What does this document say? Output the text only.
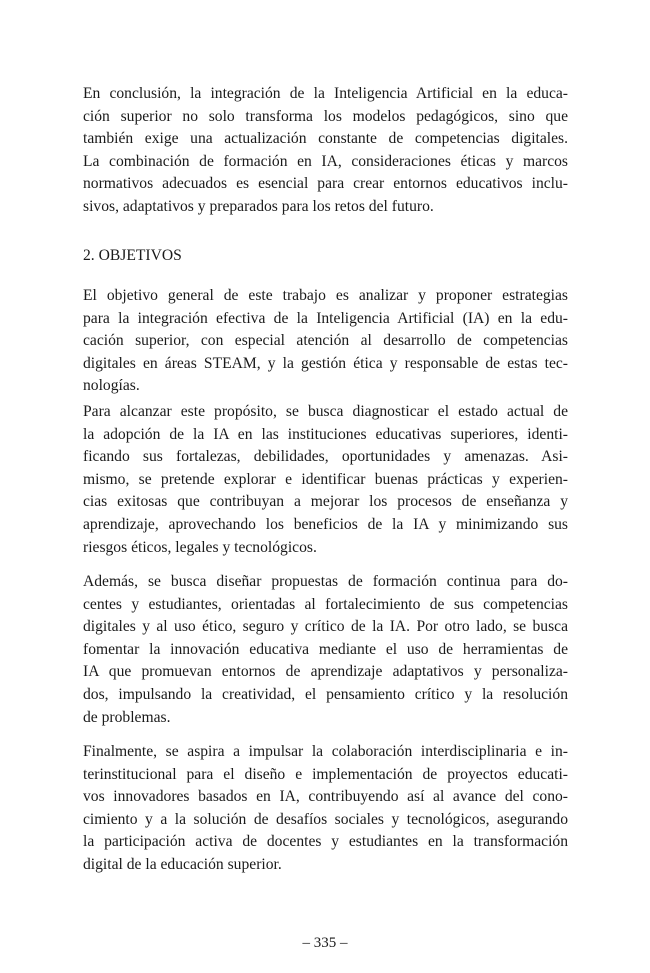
En conclusión, la integración de la Inteligencia Artificial en la educa-
ción superior no solo transforma los modelos pedagógicos, sino que
también exige una actualización constante de competencias digitales.
La combinación de formación en IA, consideraciones éticas y marcos
normativos adecuados es esencial para crear entornos educativos inclu-
sivos, adaptativos y preparados para los retos del futuro.

2. OBJETIVOS

El objetivo general de este trabajo es analizar y proponer estrategias
para la integración efectiva de la Inteligencia Artificial (IA) en la edu-
cación superior, con especial atención al desarrollo de competencias
digitales en áreas STEAM, y la gestión ética y responsable de estas tec-
nologías.

Para alcanzar este propósito, se busca diagnosticar el estado actual de
la adopción de la IA en las instituciones educativas superiores, identi-
ficando sus fortalezas, debilidades, oportunidades y amenazas. Asi-
mismo, se pretende explorar e identificar buenas prácticas y experien-
cias exitosas que contribuyan a mejorar los procesos de enseñanza y
aprendizaje, aprovechando los beneficios de la IA y minimizando sus
riesgos éticos, legales y tecnológicos.

Además, se busca diseñar propuestas de formación continua para do-
centes y estudiantes, orientadas al fortalecimiento de sus competencias
digitales y al uso ético, seguro y crítico de la IA. Por otro lado, se busca
fomentar la innovación educativa mediante el uso de herramientas de
IA que promuevan entornos de aprendizaje adaptativos y personaliza-
dos, impulsando la creatividad, el pensamiento crítico y la resolución
de problemas.

Finalmente, se aspira a impulsar la colaboración interdisciplinaria e in-
terinstitucional para el diseño e implementación de proyectos educati-
vos innovadores basados en IA, contribuyendo así al avance del cono-
cimiento y a la solución de desafíos sociales y tecnológicos, asegurando
la participación activa de docentes y estudiantes en la transformación
digital de la educación superior.

– 335 –
